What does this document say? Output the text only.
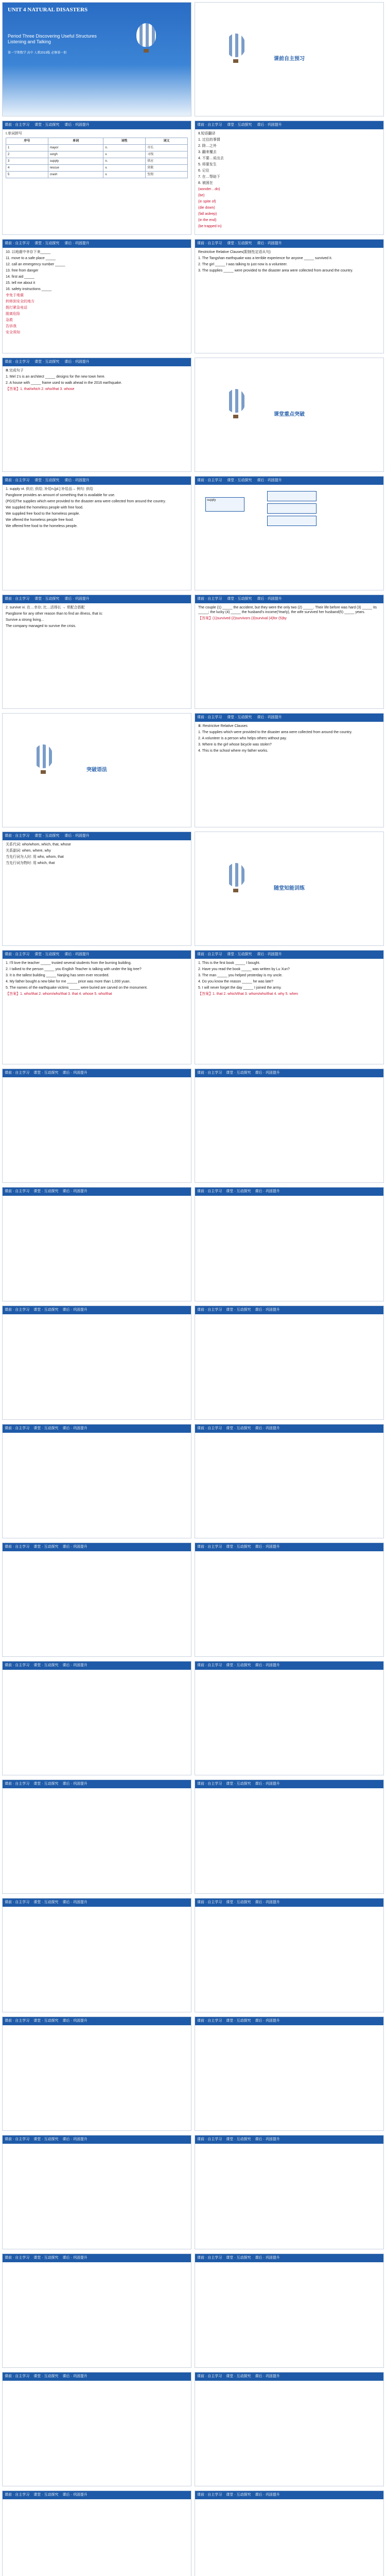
UNIT 4 NATURAL DISASTERS
Period Three Discovering Useful Structures Listening and Talking
第一学期数学 高中 人教2019版 必修第一册
课前自主预习
课前 · 自主学习 课堂 · 互动探究 课后 · 巩固提升

Ⅰ.单词拼写

序号	单词	词性	词义
1	mayor	n.	市长
2	sorgh	v.	寻找
3	supply	n.	供应
4	rescue	v.	营救
5	crash	v.	坠毁
课前 · 自主学习 课堂 · 互动探究 课后 · 巩固提升

Ⅱ.短语翻译

1. 过往的事情

2. 除…之外

3. 翻来覆去

4. 不要…说出去

5. 将要发生

6. 记住

7. 在…帮助下

8. 被困在

(wonder…do)

(be)

(in spite of)

(die down)

(fall asleep)

(in the end)

(be trapped in)

课前 · 自主学习 课堂 · 互动探究 课后 · 巩固提升

10. 以地震中幸存下来_____

11. move to a safe place _____

12. call an emergency number _____

13. free from danger

14. first aid _____

15. tell me about it

16. safety instructions _____

幸免于地震

转移到安全的地方

拨打紧急电话

脱离危险

急救

告诉我

安全须知

课前 · 自主学习 课堂 · 互动探究 课后 · 巩固提升

Restrictive Relative Clauses(限制性定语从句)

1. The Tangshan earthquake was a terrible experience for anyone _____ survived it.

2. The girl _____ I was talking to just now is a volunteer.

3. The supplies _____ were provided to the disaster area were collected from around the country.

课前 · 自主学习 课堂 · 互动探究 课后 · 巩固提升

Ⅲ.完成句子

1. Mel 1's is an architect _____ designs for the new town here.

2. A house with _____ frame used to walk ahead in the 2016 earthquake.

【答案】1. that/which 2. who/that 3. whose

课堂重点突破
课前 · 自主学习 课堂 · 互动探究 课后 · 巩固提升

1. supply vt. 供应; 供给; 补给n.[pl.] 补给品→ 例句: 供给

Pangbone provides an amount of something that is available for use.

(PGS)The supplies which were provided to the disaster area were collected from around the country.

We supplied the homeless people with free food.

We supplied free food to the homeless people.

We offered the homeless people free food.

We offered free food to the homeless people.

课前 · 自主学习 课堂 · 互动探究 课后 · 巩固提升
supply
课前 · 自主学习 课堂 · 互动探究 课后 · 巩固提升

2. survive vi. 在…幸存; 比…活得长 → 常配合搭配

Pangbone for any other reason than to find an illness, that is:

Survive a strong living...

The company managed to survive the crisis.

课前 · 自主学习 课堂 · 互动探究 课后 · 巩固提升

The couple (1) _____ the accident, but they were the only two (2) _____. Their life before was hard (3) _____ its _____; the lucky (4) _____ the husband's income(Yearly), the wife survived her husband(5) _____ years.

【答案】(1)survived (2)survivors (3)survival (4)for (5)by

突破语法
课前 · 自主学习 课堂 · 互动探究 课后 · 巩固提升

Ⅲ. Restrictive Relative Clauses

1. The supplies which were provided to the disaster area were collected from around the country.

2. A volunteer is a person who helps others without pay.

3. Where is the girl whose bicycle was stolen?

4. This is the school where my father works.

课前 · 自主学习 课堂 · 互动探究 课后 · 巩固提升

关系代词: who/whom, which, that, whose

关系副词: when, where, why

当先行词为人时: 用 who, whom, that

当先行词为物时: 用 which, that

随堂知能训练
课前 · 自主学习 课堂 · 互动探究 课后 · 巩固提升

1. I'll love the teacher _____ trusted several students from the burning building.

2. I talked to the person _____ you English Teacher is talking with under the big tree?

3. It is the tallest building _____ Nanjing has seen ever recorded.

4. My father bought a new bike for me _____ price was more than 1,000 yuan.

5. The names of the earthquake victims _____ were buried are carved on the monument.

【答案】1. who/that 2. whom/who/that 3. that 4. whose 5. who/that

课前 · 自主学习 课堂 · 互动探究 课后 · 巩固提升

1. This is the first book _____ I bought.

2. Have you read the book _____ was written by Lu Xun?

3. The man _____ you helped yesterday is my uncle.

4. Do you know the reason _____ he was late?

5. I will never forget the day _____ I joined the army.

【答案】1. that 2. which/that 3. whom/who/that 4. why 5. when

课前 · 自主学习 课堂 · 互动探究 课后 · 巩固提升	课前 · 自主学习 课堂 · 互动探究 课后 · 巩固提升
课前 · 自主学习 课堂 · 互动探究 课后 · 巩固提升	课前 · 自主学习 课堂 · 互动探究 课后 · 巩固提升
课前 · 自主学习 课堂 · 互动探究 课后 · 巩固提升	课前 · 自主学习 课堂 · 互动探究 课后 · 巩固提升
课前 · 自主学习 课堂 · 互动探究 课后 · 巩固提升	课前 · 自主学习 课堂 · 互动探究 课后 · 巩固提升
课前 · 自主学习 课堂 · 互动探究 课后 · 巩固提升	课前 · 自主学习 课堂 · 互动探究 课后 · 巩固提升
课前 · 自主学习 课堂 · 互动探究 课后 · 巩固提升	课前 · 自主学习 课堂 · 互动探究 课后 · 巩固提升
课前 · 自主学习 课堂 · 互动探究 课后 · 巩固提升	课前 · 自主学习 课堂 · 互动探究 课后 · 巩固提升
课前 · 自主学习 课堂 · 互动探究 课后 · 巩固提升	课前 · 自主学习 课堂 · 互动探究 课后 · 巩固提升
课前 · 自主学习 课堂 · 互动探究 课后 · 巩固提升	课前 · 自主学习 课堂 · 互动探究 课后 · 巩固提升
课前 · 自主学习 课堂 · 互动探究 课后 · 巩固提升	课前 · 自主学习 课堂 · 互动探究 课后 · 巩固提升
课前 · 自主学习 课堂 · 互动探究 课后 · 巩固提升	课前 · 自主学习 课堂 · 互动探究 课后 · 巩固提升
课前 · 自主学习 课堂 · 互动探究 课后 · 巩固提升	课前 · 自主学习 课堂 · 互动探究 课后 · 巩固提升
课前 · 自主学习 课堂 · 互动探究 课后 · 巩固提升	课前 · 自主学习 课堂 · 互动探究 课后 · 巩固提升
